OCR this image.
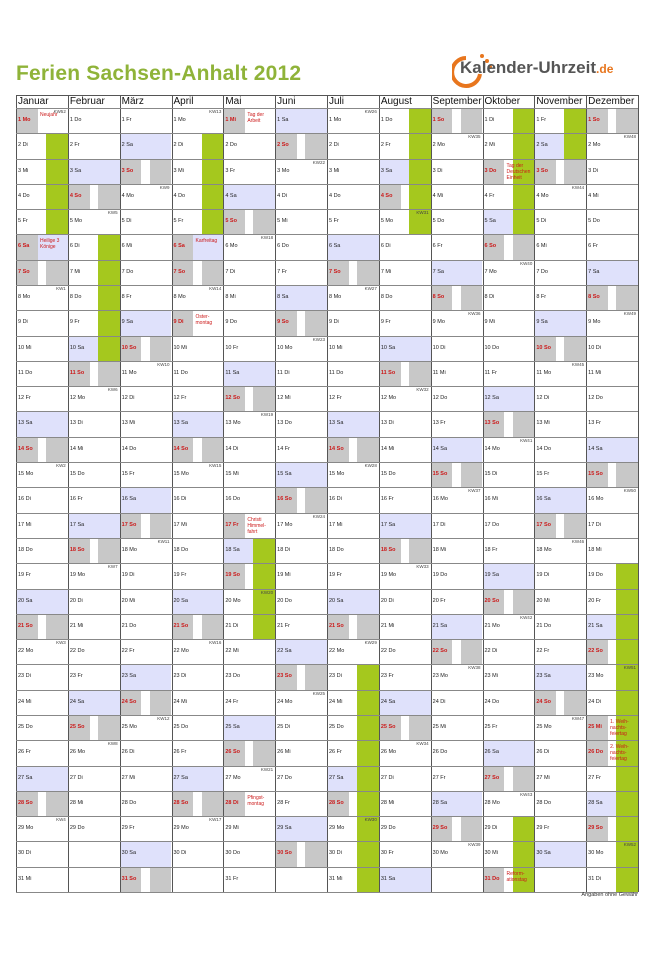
Ferien Sachsen-Anhalt 2012	Kalender-Uhrzeit.de
Januar
1 Mo
Neujahr
KW52
2 Di
3 Mi
4 Do
5 Fr
6 Sa
Heilige 3 Könige
7 So
8 Mo
KW1
9 Di
10 Mi
11 Do
12 Fr
13 Sa
14 So
15 Mo
KW2
16 Di
17 Mi
18 Do
19 Fr
20 Sa
21 So
22 Mo
KW3
23 Di
24 Mi
25 Do
26 Fr
27 Sa
28 So
29 Mo
KW4
30 Di
31 Mi
Februar
1 Do
2 Fr
3 Sa
4 So
5 Mo
KW5
6 Di
7 Mi
8 Do
9 Fr
10 Sa
11 So
12 Mo
KW6
13 Di
14 Mi
15 Do
16 Fr
17 Sa
18 So
19 Mo
KW7
20 Di
21 Mi
22 Do
23 Fr
24 Sa
25 So
26 Mo
KW8
27 Di
28 Mi
29 Do
März
1 Fr
2 Sa
3 So
4 Mo
KW9
5 Di
6 Mi
7 Do
8 Fr
9 Sa
10 So
11 Mo
KW10
12 Di
13 Mi
14 Do
15 Fr
16 Sa
17 So
18 Mo
KW11
19 Di
20 Mi
21 Do
22 Fr
23 Sa
24 So
25 Mo
KW12
26 Di
27 Mi
28 Do
29 Fr
30 Sa
31 So
April
1 Mo
KW13
2 Di
3 Mi
4 Do
5 Fr
6 Sa
Karfreitag
7 So
8 Mo
KW14
9 Di
Oster-montag
10 Mi
11 Do
12 Fr
13 Sa
14 So
15 Mo
KW15
16 Di
17 Mi
18 Do
19 Fr
20 Sa
21 So
22 Mo
KW16
23 Di
24 Mi
25 Do
26 Fr
27 Sa
28 So
29 Mo
KW17
30 Di
Mai
1 Mi
Tag der Arbeit
2 Do
3 Fr
4 Sa
5 So
6 Mo
KW18
7 Di
8 Mi
9 Do
10 Fr
11 Sa
12 So
13 Mo
KW19
14 Di
15 Mi
16 Do
17 Fr
Christi Himmel-fahrt
18 Sa
19 So
20 Mo
KW20
21 Di
22 Mi
23 Do
24 Fr
25 Sa
26 So
27 Mo
KW21
28 Di
Pfingst-montag
29 Mi
30 Do
31 Fr
Juni
1 Sa
2 So
3 Mo
KW22
4 Di
5 Mi
6 Do
7 Fr
8 Sa
9 So
10 Mo
KW23
11 Di
12 Mi
13 Do
14 Fr
15 Sa
16 So
17 Mo
KW24
18 Di
19 Mi
20 Do
21 Fr
22 Sa
23 So
24 Mo
KW25
25 Di
26 Mi
27 Do
28 Fr
29 Sa
30 So
Juli
1 Mo
KW26
2 Di
3 Mi
4 Do
5 Fr
6 Sa
7 So
8 Mo
KW27
9 Di
10 Mi
11 Do
12 Fr
13 Sa
14 So
15 Mo
KW28
16 Di
17 Mi
18 Do
19 Fr
20 Sa
21 So
22 Mo
KW29
23 Di
24 Mi
25 Do
26 Fr
27 Sa
28 So
29 Mo
KW30
30 Di
31 Mi
August
1 Do
2 Fr
3 Sa
4 So
5 Mo
KW31
6 Di
7 Mi
8 Do
9 Fr
10 Sa
11 So
12 Mo
KW32
13 Di
14 Mi
15 Do
16 Fr
17 Sa
18 So
19 Mo
KW33
20 Di
21 Mi
22 Do
23 Fr
24 Sa
25 So
26 Mo
KW34
27 Di
28 Mi
29 Do
30 Fr
31 Sa
September
1 So
2 Mo
KW35
3 Di
4 Mi
5 Do
6 Fr
7 Sa
8 So
9 Mo
KW36
10 Di
11 Mi
12 Do
13 Fr
14 Sa
15 So
16 Mo
KW37
17 Di
18 Mi
19 Do
20 Fr
21 Sa
22 So
23 Mo
KW38
24 Di
25 Mi
26 Do
27 Fr
28 Sa
29 So
30 Mo
KW39
Oktober
1 Di
2 Mi
3 Do
Tag der Deutschen Einheit
4 Fr
5 Sa
6 So
7 Mo
KW40
8 Di
9 Mi
10 Do
11 Fr
12 Sa
13 So
14 Mo
KW41
15 Di
16 Mi
17 Do
18 Fr
19 Sa
20 So
21 Mo
KW42
22 Di
23 Mi
24 Do
25 Fr
26 Sa
27 So
28 Mo
KW43
29 Di
30 Mi
31 Do
Reform-ationstag
November
1 Fr
2 Sa
3 So
4 Mo
KW44
5 Di
6 Mi
7 Do
8 Fr
9 Sa
10 So
11 Mo
KW45
12 Di
13 Mi
14 Do
15 Fr
16 Sa
17 So
18 Mo
KW46
19 Di
20 Mi
21 Do
22 Fr
23 Sa
24 So
25 Mo
KW47
26 Di
27 Mi
28 Do
29 Fr
30 Sa
Dezember
1 So
2 Mo
KW48
3 Di
4 Mi
5 Do
6 Fr
7 Sa
8 So
9 Mo
KW49
10 Di
11 Mi
12 Do
13 Fr
14 Sa
15 So
16 Mo
KW50
17 Di
18 Mi
19 Do
20 Fr
21 Sa
22 So
23 Mo
KW51
24 Di
25 Mi
1. Weih-nachts-feiertag
26 Do
2. Weih-nachts-feiertag
27 Fr
28 Sa
29 So
30 Mo
KW52
31 Di
Angaben ohne Gewähr
